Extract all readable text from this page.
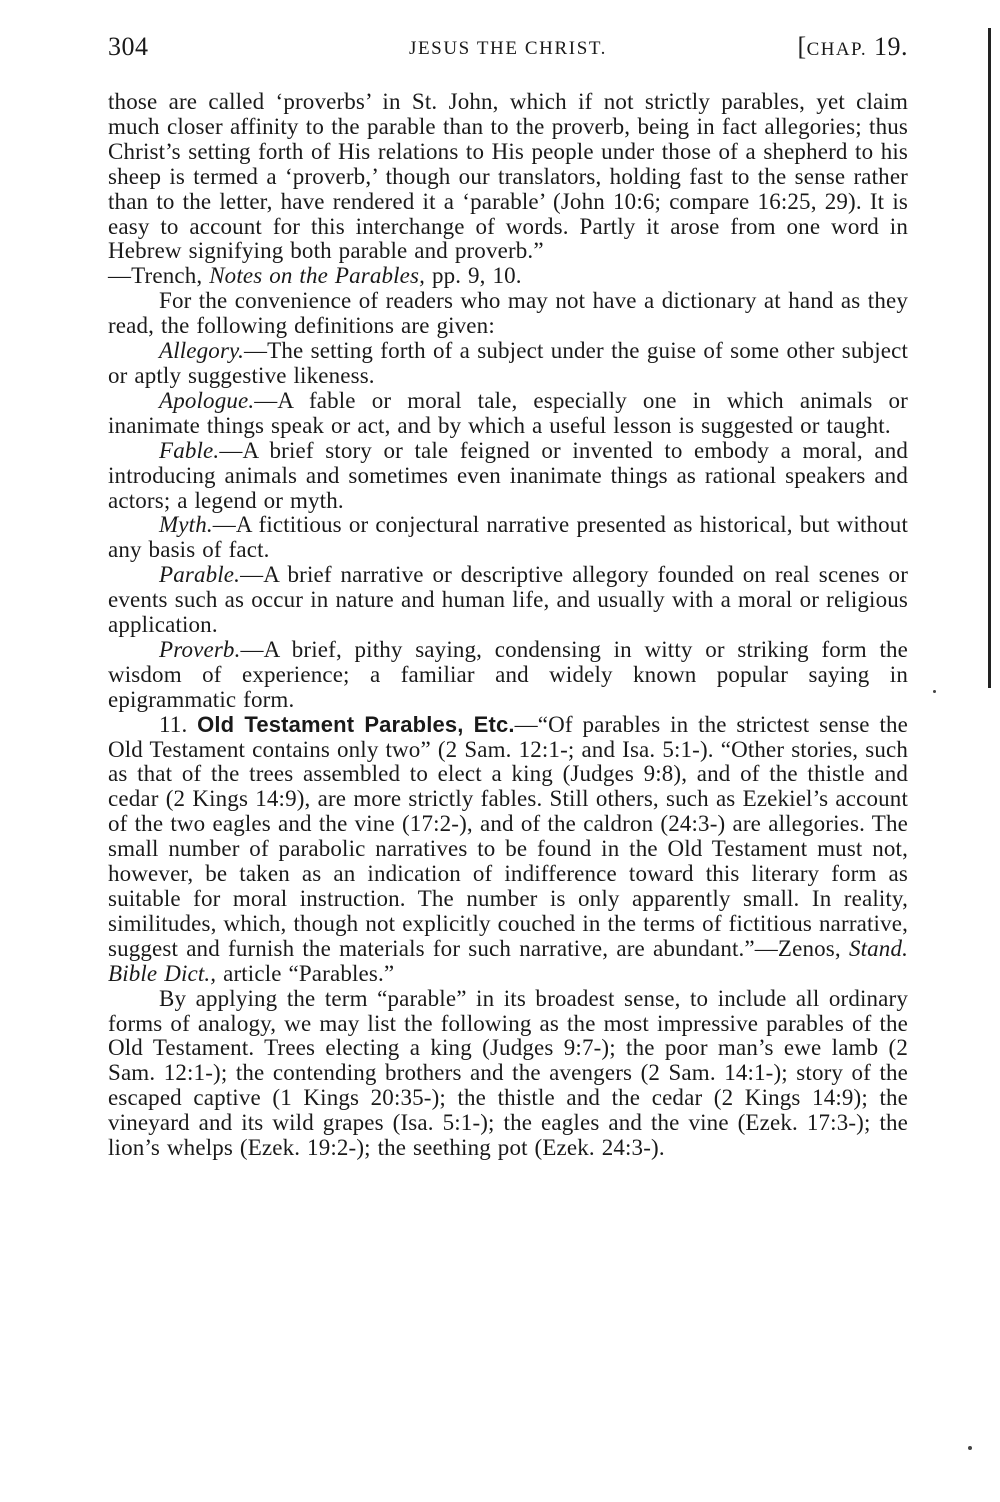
304	JESUS THE CHRIST.	[CHAP. 19.

those are called ‘proverbs’ in St. John, which if not strictly parables, yet claim much closer affinity to the parable than to the proverb, being in fact allegories; thus Christ’s setting forth of His relations to His people under those of a shepherd to his sheep is termed a ‘proverb,’ though our translators, holding fast to the sense rather than to the letter, have rendered it a ‘parable’ (John 10:6; compare 16:25, 29). It is easy to account for this interchange of words. Partly it arose from one word in Hebrew signifying both parable and proverb.”
—Trench, Notes on the Parables, pp. 9, 10.

For the convenience of readers who may not have a dictionary at hand as they read, the following definitions are given:

Allegory.—The setting forth of a subject under the guise of some other subject or aptly suggestive likeness.

Apologue.—A fable or moral tale, especially one in which animals or inanimate things speak or act, and by which a useful lesson is suggested or taught.

Fable.—A brief story or tale feigned or invented to embody a moral, and introducing animals and sometimes even inanimate things as rational speakers and actors; a legend or myth.

Myth.—A fictitious or conjectural narrative presented as historical, but without any basis of fact.

Parable.—A brief narrative or descriptive allegory founded on real scenes or events such as occur in nature and human life, and usually with a moral or religious application.

Proverb.—A brief, pithy saying, condensing in witty or striking form the wisdom of experience; a familiar and widely known popular saying in epigrammatic form.

11. Old Testament Parables, Etc.—“Of parables in the strictest sense the Old Testament contains only two” (2 Sam. 12:1-; and Isa. 5:1-). “Other stories, such as that of the trees assembled to elect a king (Judges 9:8), and of the thistle and cedar (2 Kings 14:9), are more strictly fables. Still others, such as Ezekiel’s account of the two eagles and the vine (17:2-), and of the caldron (24:3-) are allegories. The small number of parabolic narratives to be found in the Old Testament must not, however, be taken as an indication of indifference toward this literary form as suitable for moral instruction. The number is only apparently small. In reality, similitudes, which, though not explicitly couched in the terms of fictitious narrative, suggest and furnish the materials for such narrative, are abundant.”—Zenos, Stand. Bible Dict., article “Parables.”

By applying the term “parable” in its broadest sense, to include all ordinary forms of analogy, we may list the following as the most impressive parables of the Old Testament. Trees electing a king (Judges 9:7-); the poor man’s ewe lamb (2 Sam. 12:1-); the contending brothers and the avengers (2 Sam. 14:1-); story of the escaped captive (1 Kings 20:35-); the thistle and the cedar (2 Kings 14:9); the vineyard and its wild grapes (Isa. 5:1-); the eagles and the vine (Ezek. 17:3-); the lion’s whelps (Ezek. 19:2-); the seething pot (Ezek. 24:3-).
